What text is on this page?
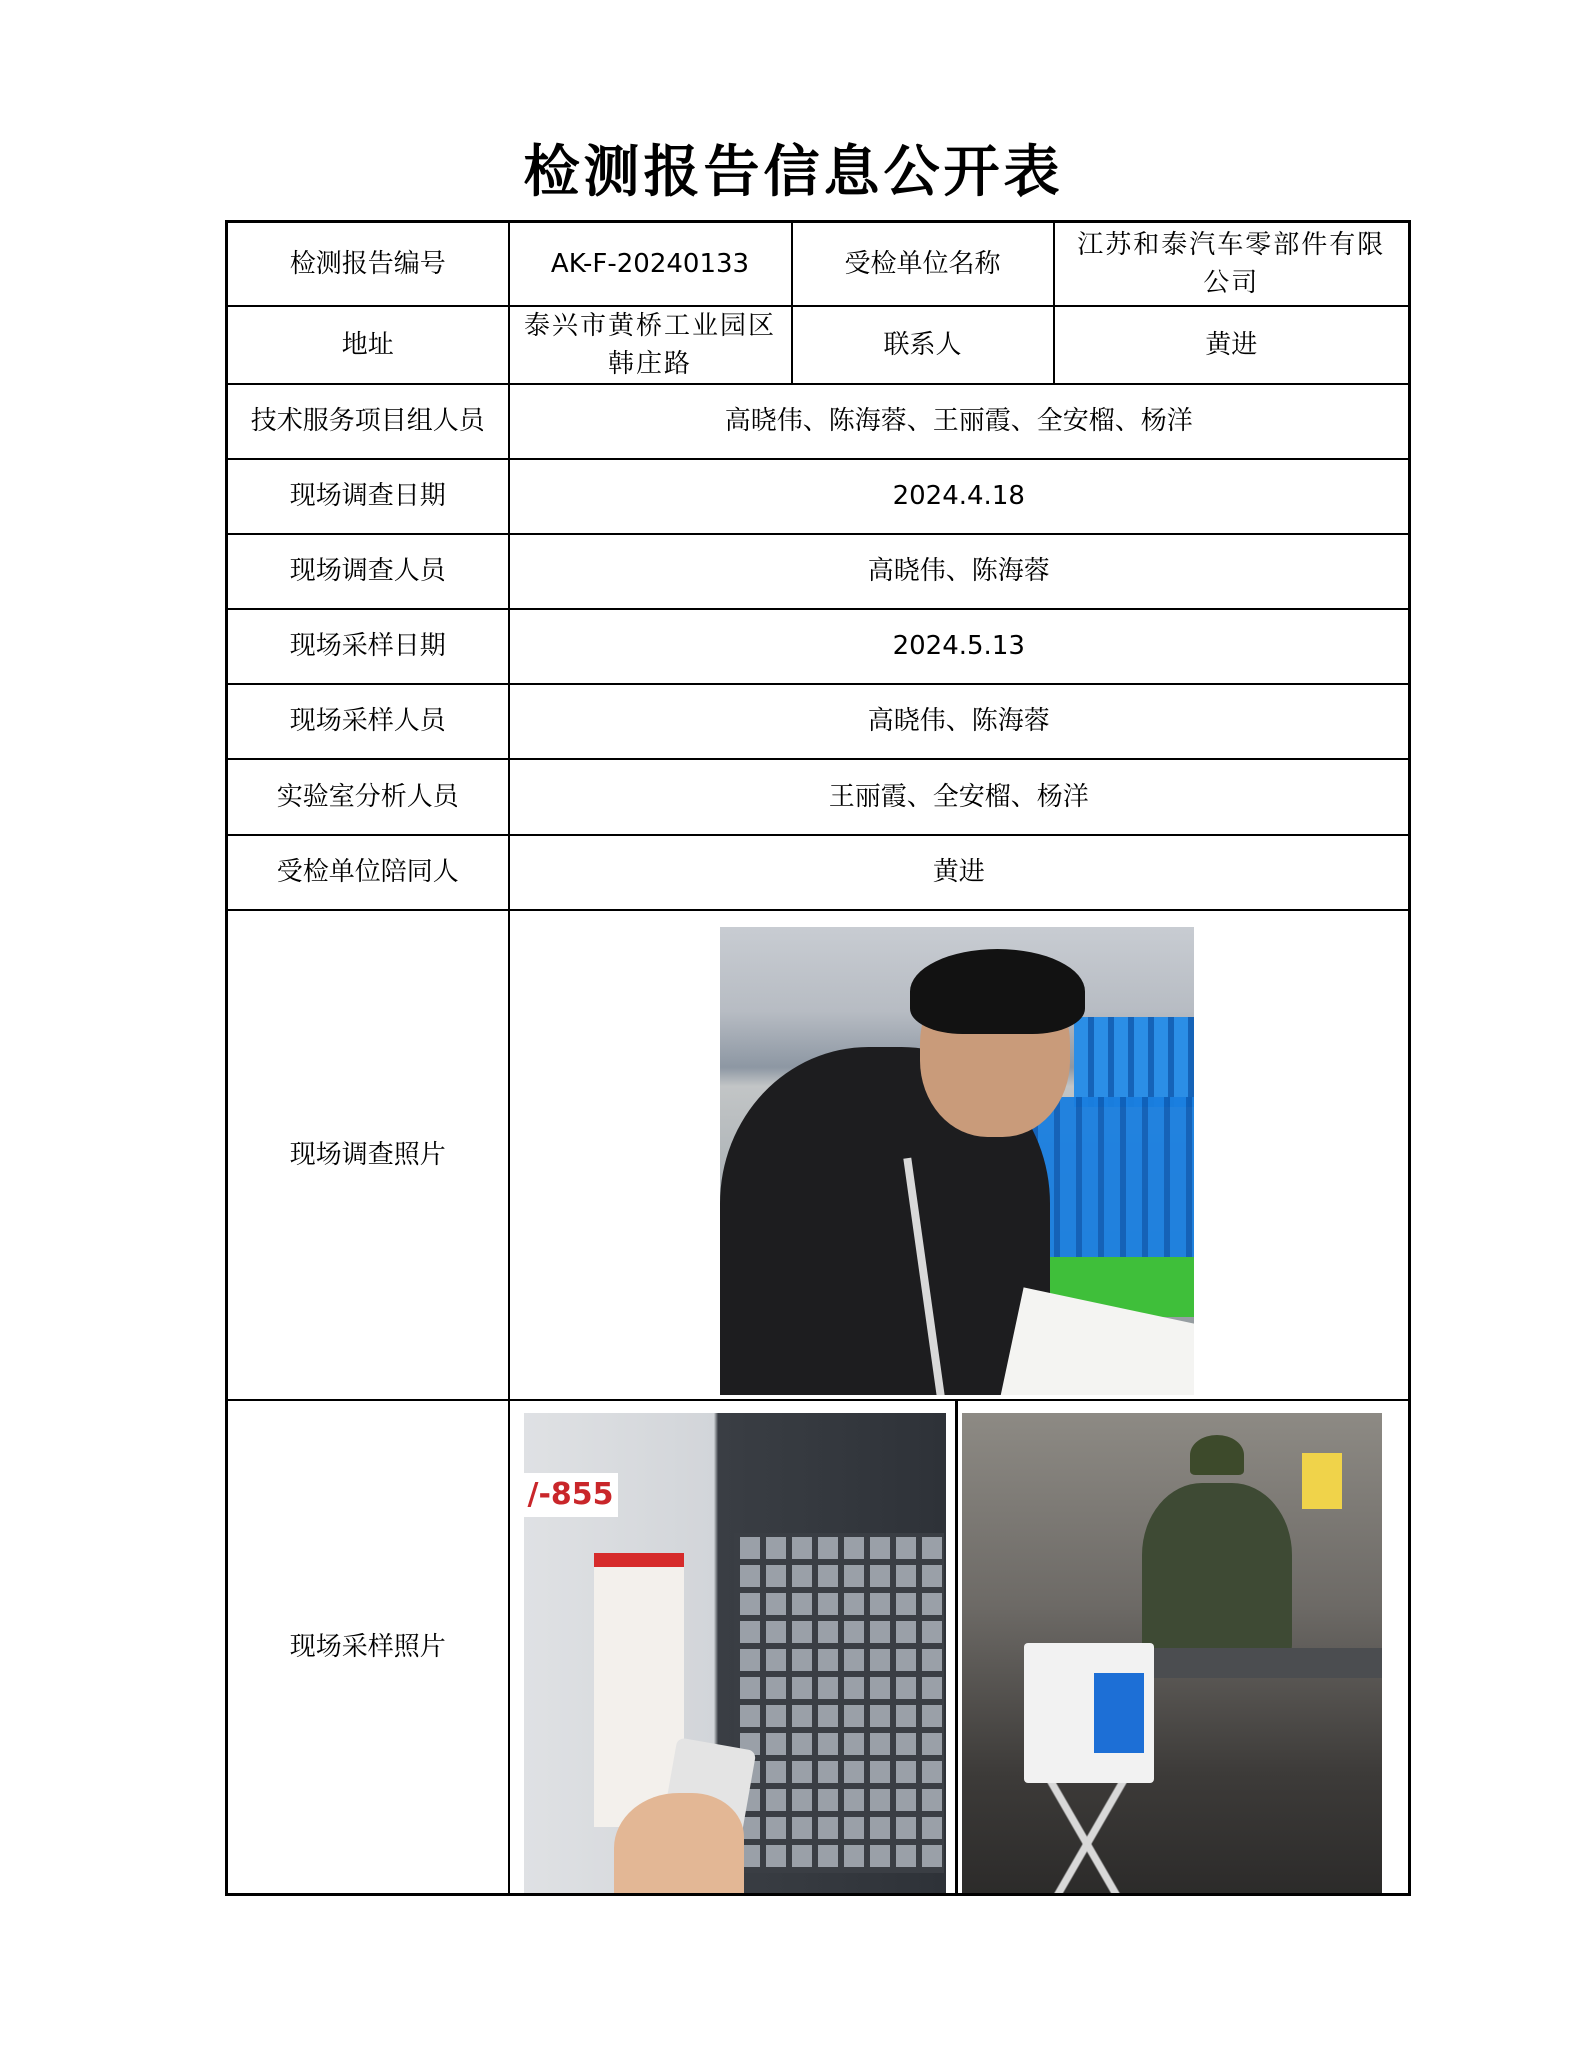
检测报告信息公开表
检测报告编号	AK-F-20240133	受检单位名称	江苏和泰汽车零部件有限公司
地址	泰兴市黄桥工业园区韩庄路	联系人	黄进
技术服务项目组人员	高晓伟、陈海蓉、王丽霞、全安榴、杨洋		
现场调查日期	2024.4.18		
现场调查人员	高晓伟、陈海蓉		
现场采样日期	2024.5.13		
现场采样人员	高晓伟、陈海蓉		
实验室分析人员	王丽霞、全安榴、杨洋		
受检单位陪同人	黄进		
现场调查照片			

现场采样照片	/-855		
